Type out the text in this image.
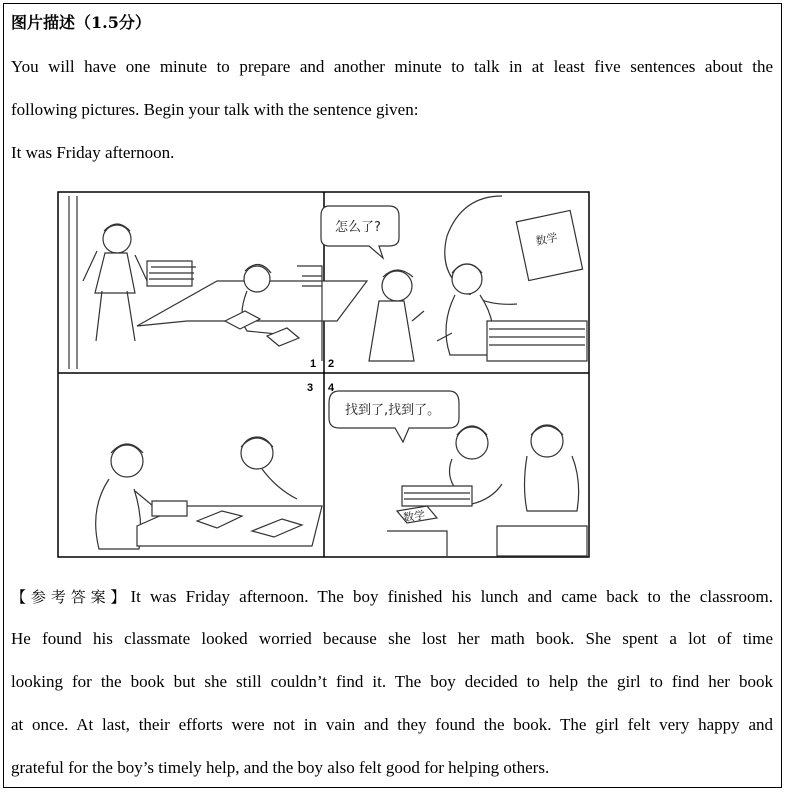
图片描述（1.5分）
You will have one minute to prepare and another minute to talk in at least five sentences about the
following pictures. Begin your talk with the sentence given:
It was Friday afternoon.
1
怎么了?
数学
2
3
找到了,找到了。
数学
4
【参考答案】It was Friday afternoon. The boy finished his lunch and came back to the classroom.
He found his classmate looked worried because she lost her math book. She spent a lot of time
looking for the book but she still couldn’t find it. The boy decided to help the girl to find her book
at once. At last, their efforts were not in vain and they found the book. The girl felt very happy and
grateful for the boy’s timely help, and the boy also felt good for helping others.
